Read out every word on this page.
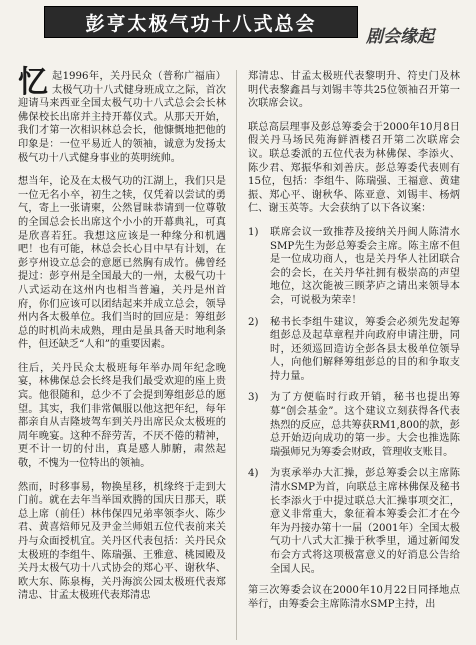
彭亨太极气功十八式总会
剧会缘起

忆 起1996年，关丹民众（普称广福庙）太极气功十八式健身班成立之际，首次迎请马来西亚全国太极气功十八式总会会长林佛保校长出席并主持开幕仪式。从那天开始，我们才第一次相识林总会长，他慷慨地把他的印象是：一位平易近人的领袖，诚意为发扬太极气功十八式健身事业的英明统帅。

想当年，论及在太极气功的江湖上，我们只是一位无名小卒，初生之犊，仅凭着以尝试的勇气，寄上一张请柬，公然冒昧恭请到一位尊敬的全国总会长出席这个小小的开幕典礼，可真是欣喜若狂。我想这应该是一种缘分和机遇吧！也有可能，林总会长心目中早有计划，在彭亨州设立总会的意愿已然胸有成竹。佛曾经提过：彭亨州是全国最大的一州，太极气功十八式运动在这州内也相当普遍，关丹是州首府，你们应该可以团结起来并成立总会，领导州内各太极单位。我们当时的回应是：筹组彭总的时机尚未成熟，理由是虽具备天时地利条件，但还缺乏“人和”的重要因素。

往后，关丹民众太极班每年举办周年纪念晚宴，林佛保总会长终是我们最受欢迎的座上贵宾。他很随和，总少不了会提到筹组彭总的愿望。其实，我们非常佩服以他这把年纪，每年都亲自从吉隆坡驾车到关丹出席民众太极班的周年晚宴。这种不辞劳苦，不厌不倦的精神，更不计一切的付出，真是感人肺腑，肃然起敬，不愧为一位特出的领袖。

然而，时移事易，物换星移，机缘终于走到大门前。就在去年当举国欢腾的国庆日那天，联总上席（前任）林伟保四兄弟率领李火、陈少君、黄喜焙师兄及尹金兰师姐五位代表前来关丹与众面授机宜。关丹区代表包括：关丹民众太极班的李组牛、陈瑞强、王雅意、桃园殿及关丹太极气功十八式协会的郑心平、谢秋华、欧大东、陈泉梅，关丹海滨公园太极班代表郑清忠、甘孟太极班代表郑清忠

郑清忠、甘孟太极班代表黎明升、符史门及林明代表黎鑫昌与刘锡丰等共25位领袖召开第一次联席会议。

联总高层理事及彭总筹委会于2000年10月8日假关丹马场民苑海鲜酒楼召开第二次联席会议。联总委派的五位代表为林佛保、李添火、陈少君、郑振华和刘善庆。彭总筹委代表则有15位，包括：李组牛、陈瑞强、王福意、黄建振、郑心平、谢秋华、陈亚意、刘锡丰、杨炳仁、谢玉英等。大会获纳了以下各议案：

1)	联席会议一致推荐及接纳关丹闽人陈清水SMP先生为彭总筹委会主席。陈主席不但是一位成功商人，也是关丹华人社团联合会的会长，在关丹华社拥有极崇高的声望地位，这次能被三顾茅庐之请出来领导本会，可说极为荣幸！
2)	秘书长李组牛建议，筹委会必须先发起筹组彭总及起草章程并向政府申请注册，同时，还须巡回造访全彭各县太极单位领导人，向他们解释筹组彭总的目的和争取支持力量。
3)	为了方便临时行政开销，秘书也提出筹募“创会基金”。这个建议立刻获得各代表热烈的反应，总共筹获RM1,800的款，彭总开始迈向成功的第一步。大会也推选陈瑞强师兄为筹委会财政，管理收支账目。
4)	为衷承举办大汇操，彭总筹委会以主席陈清水SMP为首，向联总主席林佛保及秘书长李添火于中提过联总大汇操事项交汇，意义非常重大，象征着本筹委会汇才在今年为丹接办第十一届（2001年）全国太极气功十八式大汇操于秋季里，通过新闻发布会方式将这项极富意义的好消息公告给全国人民。

第三次筹委会议在2000年10月22日同择地点举行，由筹委会主席陈清水SMP主持，出
